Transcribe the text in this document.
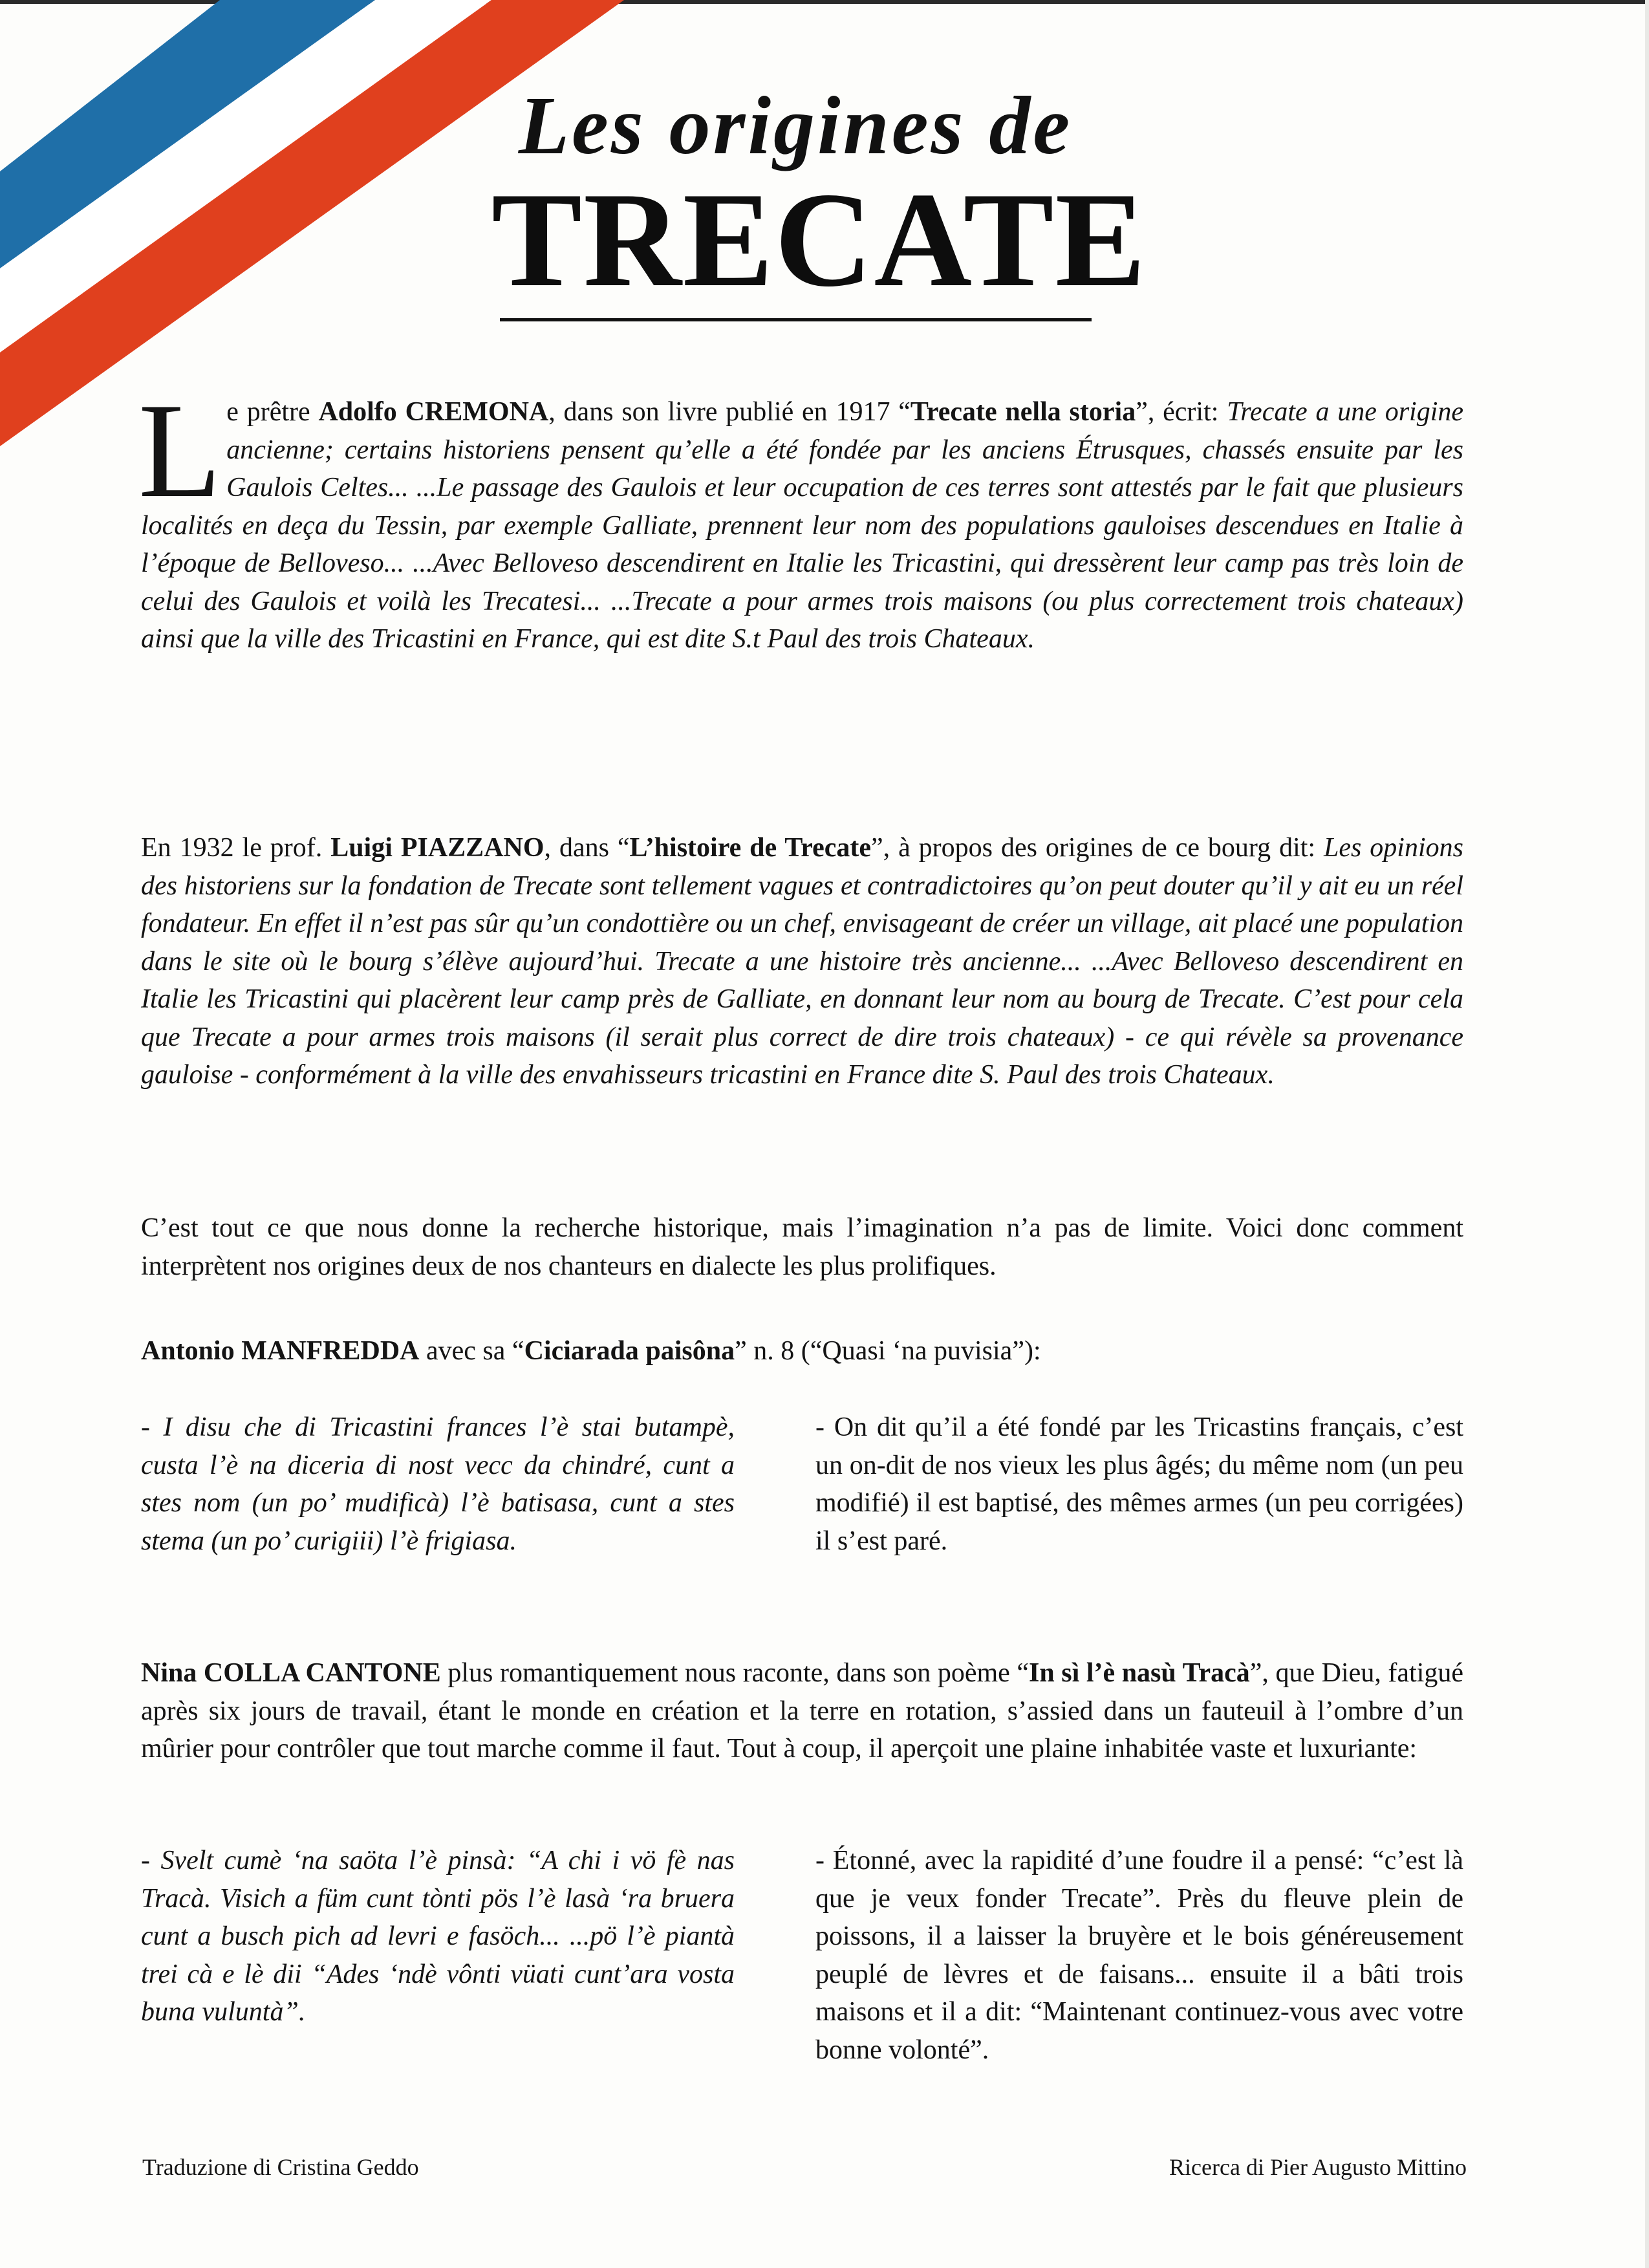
Les origines de
TRECATE

Le prêtre Adolfo CREMONA, dans son livre publié en 1917 “Trecate nella storia”, écrit: Trecate a une origine ancienne; certains historiens pensent qu’elle a été fondée par les anciens Étrusques, chassés ensuite par les Gaulois Celtes... ...Le passage des Gaulois et leur occupation de ces terres sont attestés par le fait que plusieurs localités en deça du Tessin, par exemple Galliate, prennent leur nom des populations gauloises descendues en Italie à l’époque de Belloveso... ...Avec Belloveso descendirent en Italie les Tricastini, qui dressèrent leur camp pas très loin de celui des Gaulois et voilà les Trecatesi... ...Trecate a pour armes trois maisons (ou plus correctement trois chateaux) ainsi que la ville des Tricastini en France, qui est dite S.t Paul des trois Chateaux.

En 1932 le prof. Luigi PIAZZANO, dans “L’histoire de Trecate”, à propos des origines de ce bourg dit: Les opinions des historiens sur la fondation de Trecate sont tellement vagues et contradictoires qu’on peut douter qu’il y ait eu un réel fondateur. En effet il n’est pas sûr qu’un condottière ou un chef, envisageant de créer un village, ait placé une population dans le site où le bourg s’élève aujourd’hui. Trecate a une histoire très ancienne... ...Avec Belloveso descendirent en Italie les Tricastini qui placèrent leur camp près de Galliate, en donnant leur nom au bourg de Trecate. C’est pour cela que Trecate a pour armes trois maisons (il serait plus correct de dire trois chateaux) - ce qui révèle sa provenance gauloise - conformément à la ville des envahisseurs tricastini en France dite S. Paul des trois Chateaux.

C’est tout ce que nous donne la recherche historique, mais l’imagination n’a pas de limite. Voici donc comment interprètent nos origines deux de nos chanteurs en dialecte les plus prolifiques.

Antonio MANFREDDA avec sa “Ciciarada paisôna” n. 8 (“Quasi ‘na puvisia”):

- I disu che di Tricastini frances l’è stai butampè, custa l’è na diceria di nost vecc da chindré, cunt a stes nom (un po’ mudificà) l’è batisasa, cunt a stes stema (un po’ curigiii) l’è frigiasa.
- On dit qu’il a été fondé par les Tricastins français, c’est un on-dit de nos vieux les plus âgés; du même nom (un peu modifié) il est baptisé, des mêmes armes (un peu corrigées) il s’est paré.

Nina COLLA CANTONE plus romantiquement nous raconte, dans son poème “In sì l’è nasù Tracà”, que Dieu, fatigué après six jours de travail, étant le monde en création et la terre en rotation, s’assied dans un fauteuil à l’ombre d’un mûrier pour contrôler que tout marche comme il faut. Tout à coup, il aperçoit une plaine inhabitée vaste et luxuriante:

- Svelt cumè ‘na saöta l’è pinsà: “A chi i vö fè nas Tracà. Visich a füm cunt tònti pös l’è lasà ‘ra bruera cunt a busch pich ad levri e fasöch... ...pö l’è piantà trei cà e lè dii “Ades ‘ndè vônti vüati cunt’ara vosta buna vuluntà”.
- Étonné, avec la rapidité d’une foudre il a pensé: “c’est là que je veux fonder Trecate”. Près du fleuve plein de poissons, il a laisser la bruyère et le bois généreusement peuplé de lèvres et de faisans... ensuite il a bâti trois maisons et il a dit: “Maintenant continuez-vous avec votre bonne volonté”.
Traduzione di Cristina Geddo	Ricerca di Pier Augusto Mittino
